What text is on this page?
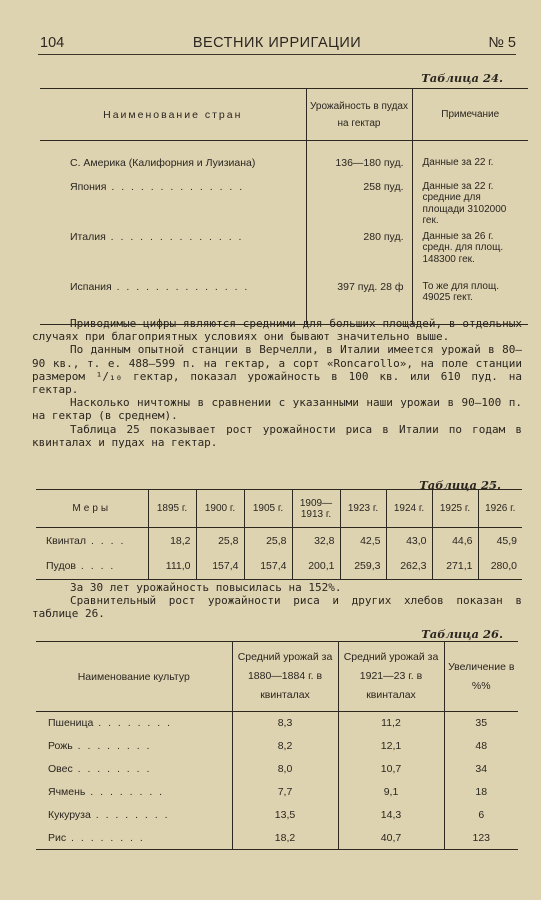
104	ВЕСТНИК ИРРИГАЦИИ	№ 5
Таблица 24.
Наименование стран	Урожайность в пудах на гектар	Примечание
С. Америка (Калифорния и Луизиана)	136—180 пуд.	Данные за 22 г.
Япония . . . . . . . . . . . . . .	258 пуд.	Данные за 22 г. средние для площади 3102000 гек.
Италия . . . . . . . . . . . . . .	280 пуд.	Данные за 26 г. средн. для площ. 148300 гек.
Испания . . . . . . . . . . . . . .	397 пуд. 28 ф	То же для площ. 49025 гект.

Приводимые цифры являются средними для больших площадей, в отдельных случаях при благоприятных условиях они бывают значительно выше.

По данным опытной станции в Верчелли, в Италии имеется урожай в 80—90 кв., т. е. 488—599 п. на гектар, а сорт «Roncarollo», на поле станции размером ¹/₁₀ гектар, показал урожайность в 100 кв. или 610 пуд. на гектар.

Насколько ничтожны в сравнении с указанными наши урожаи в 90—100 п. на гектар (в среднем).

Таблица 25 показывает рост урожайности риса в Италии по годам в квинталах и пудах на гектар.

Таблица 25.
Меры	1895 г.	1900 г.	1905 г.	1909— 1913 г.	1923 г.	1924 г.	1925 г.	1926 г.
Квинтал . . . .	18,2	25,8	25,8	32,8	42,5	43,0	44,6	45,9
Пудов . . . .	111,0	157,4	157,4	200,1	259,3	262,3	271,1	280,0

За 30 лет урожайность повысилась на 152%.

Сравнительный рост урожайности риса и других хлебов показан в таблице 26.

Таблица 26.
Наименование культур	Средний урожай за 1880—1884 г. в квинталах	Средний урожай за 1921—23 г. в квинталах	Увеличение в %%
Пшеница . . . . . . . .	8,3	11,2	35
Рожь . . . . . . . .	8,2	12,1	48
Овес . . . . . . . .	8,0	10,7	34
Ячмень . . . . . . . .	7,7	9,1	18
Кукуруза . . . . . . . .	13,5	14,3	6
Рис . . . . . . . .	18,2	40,7	123
